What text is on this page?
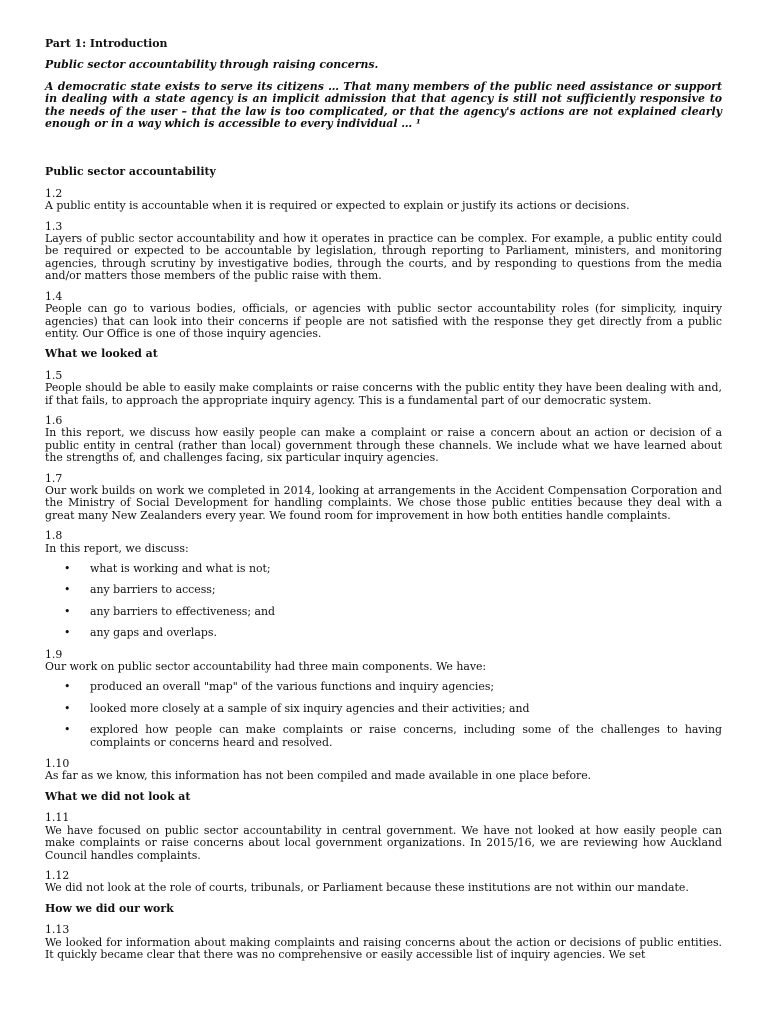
Part 1: Introduction

Public sector accountability through raising concerns.

A democratic state exists to serve its citizens … That many members of the public need assistance or support in dealing with a state agency is an implicit admission that that agency is still not sufficiently responsive to the needs of the user – that the law is too complicated, or that the agency's actions are not explained clearly enough or in a way which is accessible to every individual … ¹

Public sector accountability

1.2
A public entity is accountable when it is required or expected to explain or justify its actions or decisions.
1.3
Layers of public sector accountability and how it operates in practice can be complex. For example, a public entity could be required or expected to be accountable by legislation, through reporting to Parliament, ministers, and monitoring agencies, through scrutiny by investigative bodies, through the courts, and by responding to questions from the media and/or matters those members of the public raise with them.
1.4
People can go to various bodies, officials, or agencies with public sector accountability roles (for simplicity, inquiry agencies) that can look into their concerns if people are not satisfied with the response they get directly from a public entity. Our Office is one of those inquiry agencies.

What we looked at

1.5
People should be able to easily make complaints or raise concerns with the public entity they have been dealing with and, if that fails, to approach the appropriate inquiry agency. This is a fundamental part of our democratic system.
1.6
In this report, we discuss how easily people can make a complaint or raise a concern about an action or decision of a public entity in central (rather than local) government through these channels. We include what we have learned about the strengths of, and challenges facing, six particular inquiry agencies.
1.7
Our work builds on work we completed in 2014, looking at arrangements in the Accident Compensation Corporation and the Ministry of Social Development for handling complaints. We chose those public entities because they deal with a great many New Zealanders every year. We found room for improvement in how both entities handle complaints.
1.8
In this report, we discuss:
• what is working and what is not;
• any barriers to access;
• any barriers to effectiveness; and
• any gaps and overlaps.
1.9
Our work on public sector accountability had three main components. We have:
• produced an overall "map" of the various functions and inquiry agencies;
• looked more closely at a sample of six inquiry agencies and their activities; and
• explored how people can make complaints or raise concerns, including some of the challenges to having complaints or concerns heard and resolved.
1.10
As far as we know, this information has not been compiled and made available in one place before.

What we did not look at

1.11
We have focused on public sector accountability in central government. We have not looked at how easily people can make complaints or raise concerns about local government organizations. In 2015/16, we are reviewing how Auckland Council handles complaints.
1.12
We did not look at the role of courts, tribunals, or Parliament because these institutions are not within our mandate.

How we did our work

1.13
We looked for information about making complaints and raising concerns about the action or decisions of public entities. It quickly became clear that there was no comprehensive or easily accessible list of inquiry agencies. We set
